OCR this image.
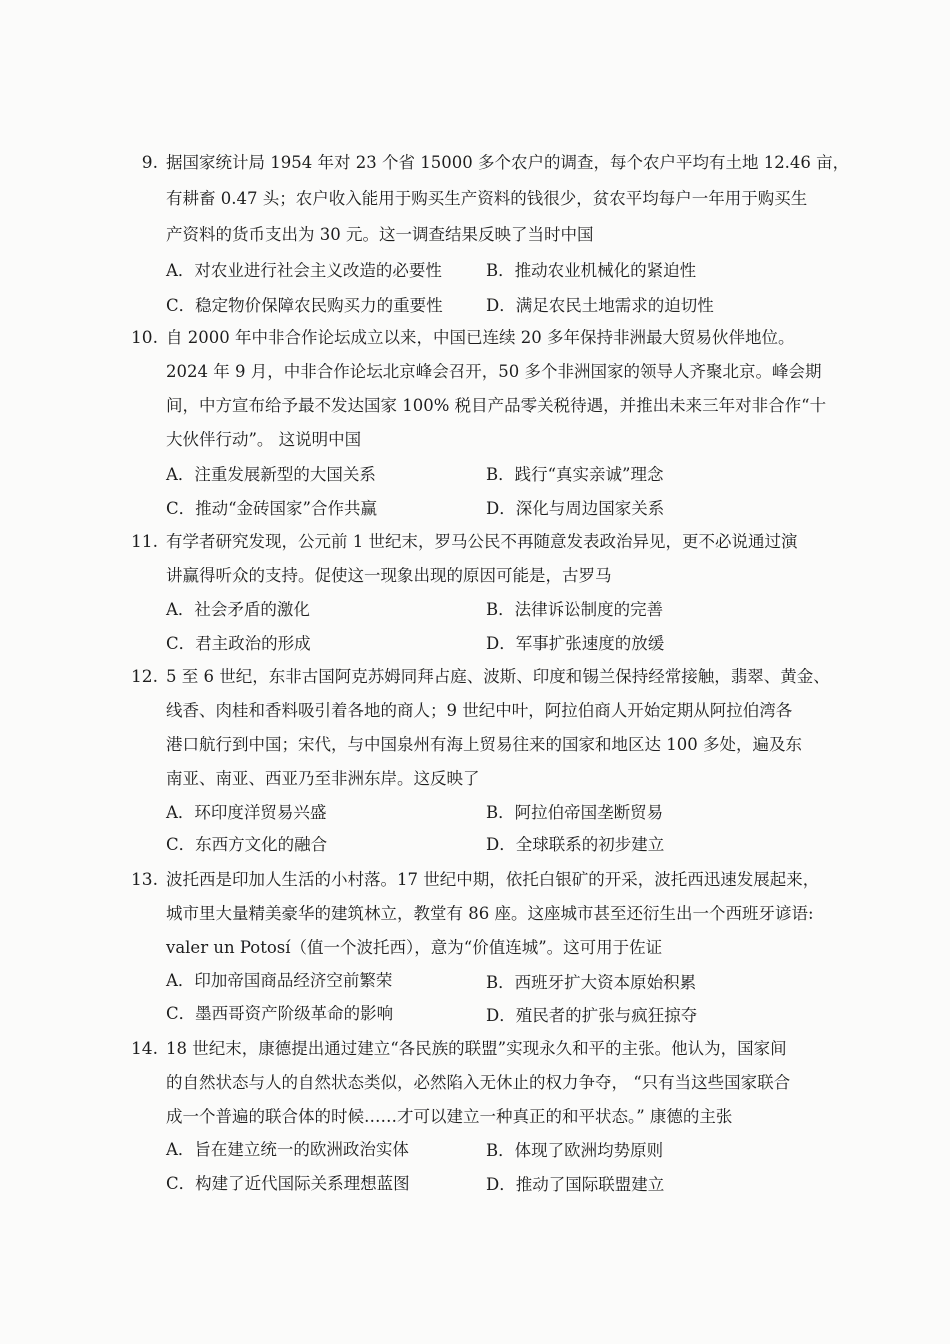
9. 据国家统计局 1954 年对 23 个省 15000 多个农户的调查，每个农户平均有土地 12.46 亩，
有耕畜 0.47 头；农户收入能用于购买生产资料的钱很少，贫农平均每户一年用于购买生
产资料的货币支出为 30 元。这一调查结果反映了当时中国
A．对农业进行社会主义改造的必要性	B．推动农业机械化的紧迫性
C．稳定物价保障农民购买力的重要性	D．满足农民土地需求的迫切性
10. 自 2000 年中非合作论坛成立以来，中国已连续 20 多年保持非洲最大贸易伙伴地位。
2024 年 9 月，中非合作论坛北京峰会召开，50 多个非洲国家的领导人齐聚北京。峰会期
间，中方宣布给予最不发达国家 100% 税目产品零关税待遇，并推出未来三年对非合作“十
大伙伴行动”。 这说明中国
A．注重发展新型的大国关系	B．践行“真实亲诚”理念
C．推动“金砖国家”合作共赢	D．深化与周边国家关系
11. 有学者研究发现，公元前 1 世纪末，罗马公民不再随意发表政治异见，更不必说通过演
讲赢得听众的支持。促使这一现象出现的原因可能是，古罗马
A．社会矛盾的激化	B．法律诉讼制度的完善
C．君主政治的形成	D．军事扩张速度的放缓
12. 5 至 6 世纪，东非古国阿克苏姆同拜占庭、波斯、印度和锡兰保持经常接触，翡翠、黄金、
线香、肉桂和香料吸引着各地的商人；9 世纪中叶，阿拉伯商人开始定期从阿拉伯湾各
港口航行到中国；宋代，与中国泉州有海上贸易往来的国家和地区达 100 多处，遍及东
南亚、南亚、西亚乃至非洲东岸。这反映了
A．环印度洋贸易兴盛	B．阿拉伯帝国垄断贸易
C．东西方文化的融合	D．全球联系的初步建立
13. 波托西是印加人生活的小村落。17 世纪中期，依托白银矿的开采，波托西迅速发展起来，
城市里大量精美豪华的建筑林立，教堂有 86 座。这座城市甚至还衍生出一个西班牙谚语:
valer un Potosí（值一个波托西），意为“价值连城”。这可用于佐证
A．印加帝国商品经济空前繁荣	B．西班牙扩大资本原始积累
C．墨西哥资产阶级革命的影响	D．殖民者的扩张与疯狂掠夺
14. 18 世纪末，康德提出通过建立“各民族的联盟”实现永久和平的主张。他认为，国家间
的自然状态与人的自然状态类似，必然陷入无休止的权力争夺， “只有当这些国家联合
成一个普遍的联合体的时候……才可以建立一种真正的和平状态。” 康德的主张
A．旨在建立统一的欧洲政治实体	B．体现了欧洲均势原则
C．构建了近代国际关系理想蓝图	D．推动了国际联盟建立
